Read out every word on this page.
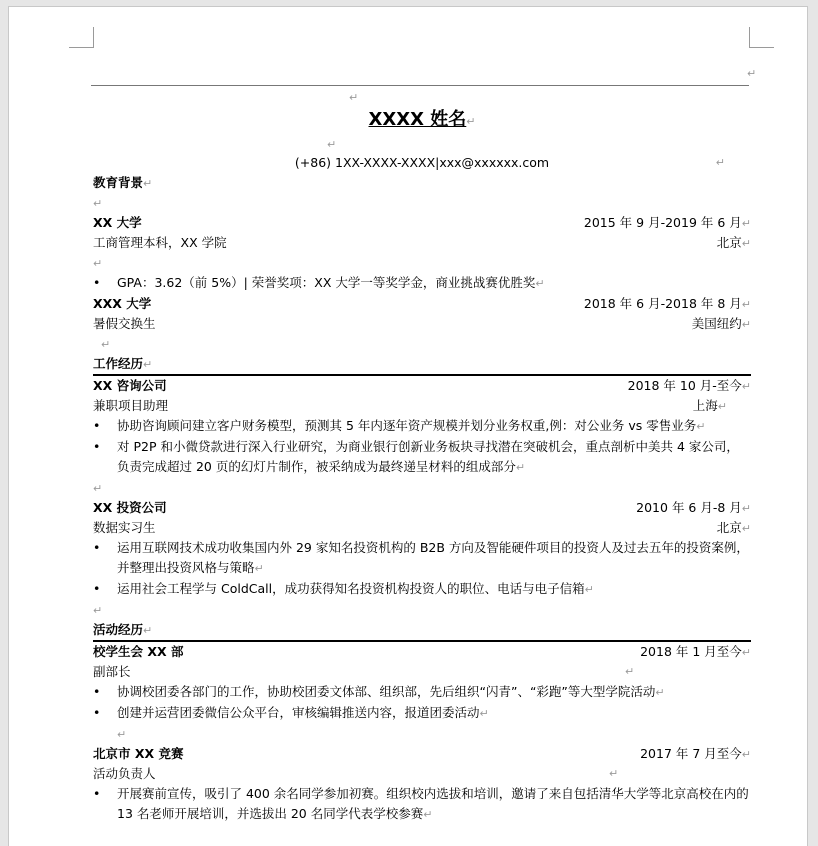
↵
↵
XXXX 姓名↵
↵
(+86) 1XX-XXXX-XXXX|xxx@xxxxxx.com	↵
教育背景↵
↵
XX 大学	2015 年 9 月-2019 年 6 月↵
工商管理本科，XX 学院	北京↵
↵
• GPA：3.62（前 5%）| 荣誉奖项：XX 大学一等奖学金，商业挑战赛优胜奖↵
XXX 大学	2018 年 6 月-2018 年 8 月↵
暑假交换生	美国纽约↵
↵
工作经历↵
XX 咨询公司	2018 年 10 月-至今↵
兼职项目助理	上海↵
• 协助咨询顾问建立客户财务模型，预测其 5 年内逐年资产规模并划分业务权重,例：对公业务 vs 零售业务↵
• 对 P2P 和小微贷款进行深入行业研究，为商业银行创新业务板块寻找潜在突破机会，重点剖析中美共 4 家公司，负责完成超过 20 页的幻灯片制作，被采纳成为最终递呈材料的组成部分↵
↵
XX 投资公司	2010 年 6 月-8 月↵
数据实习生	北京↵
• 运用互联网技术成功收集国内外 29 家知名投资机构的 B2B 方向及智能硬件项目的投资人及过去五年的投资案例，并整理出投资风格与策略↵
• 运用社会工程学与 ColdCall，成功获得知名投资机构投资人的职位、电话与电子信箱↵
↵
活动经历↵
校学生会 XX 部	2018 年 1 月至今↵
副部长	↵
• 协调校团委各部门的工作，协助校团委文体部、组织部，先后组织“闪青”、“彩跑”等大型学院活动↵
• 创建并运营团委微信公众平台，审核编辑推送内容，报道团委活动↵
↵
北京市 XX 竞赛	2017 年 7 月至今↵
活动负责人	↵
• 开展赛前宣传，吸引了 400 余名同学参加初赛。组织校内选拔和培训，邀请了来自包括清华大学等北京高校在内的 13 名老师开展培训，并选拔出 20 名同学代表学校参赛↵
